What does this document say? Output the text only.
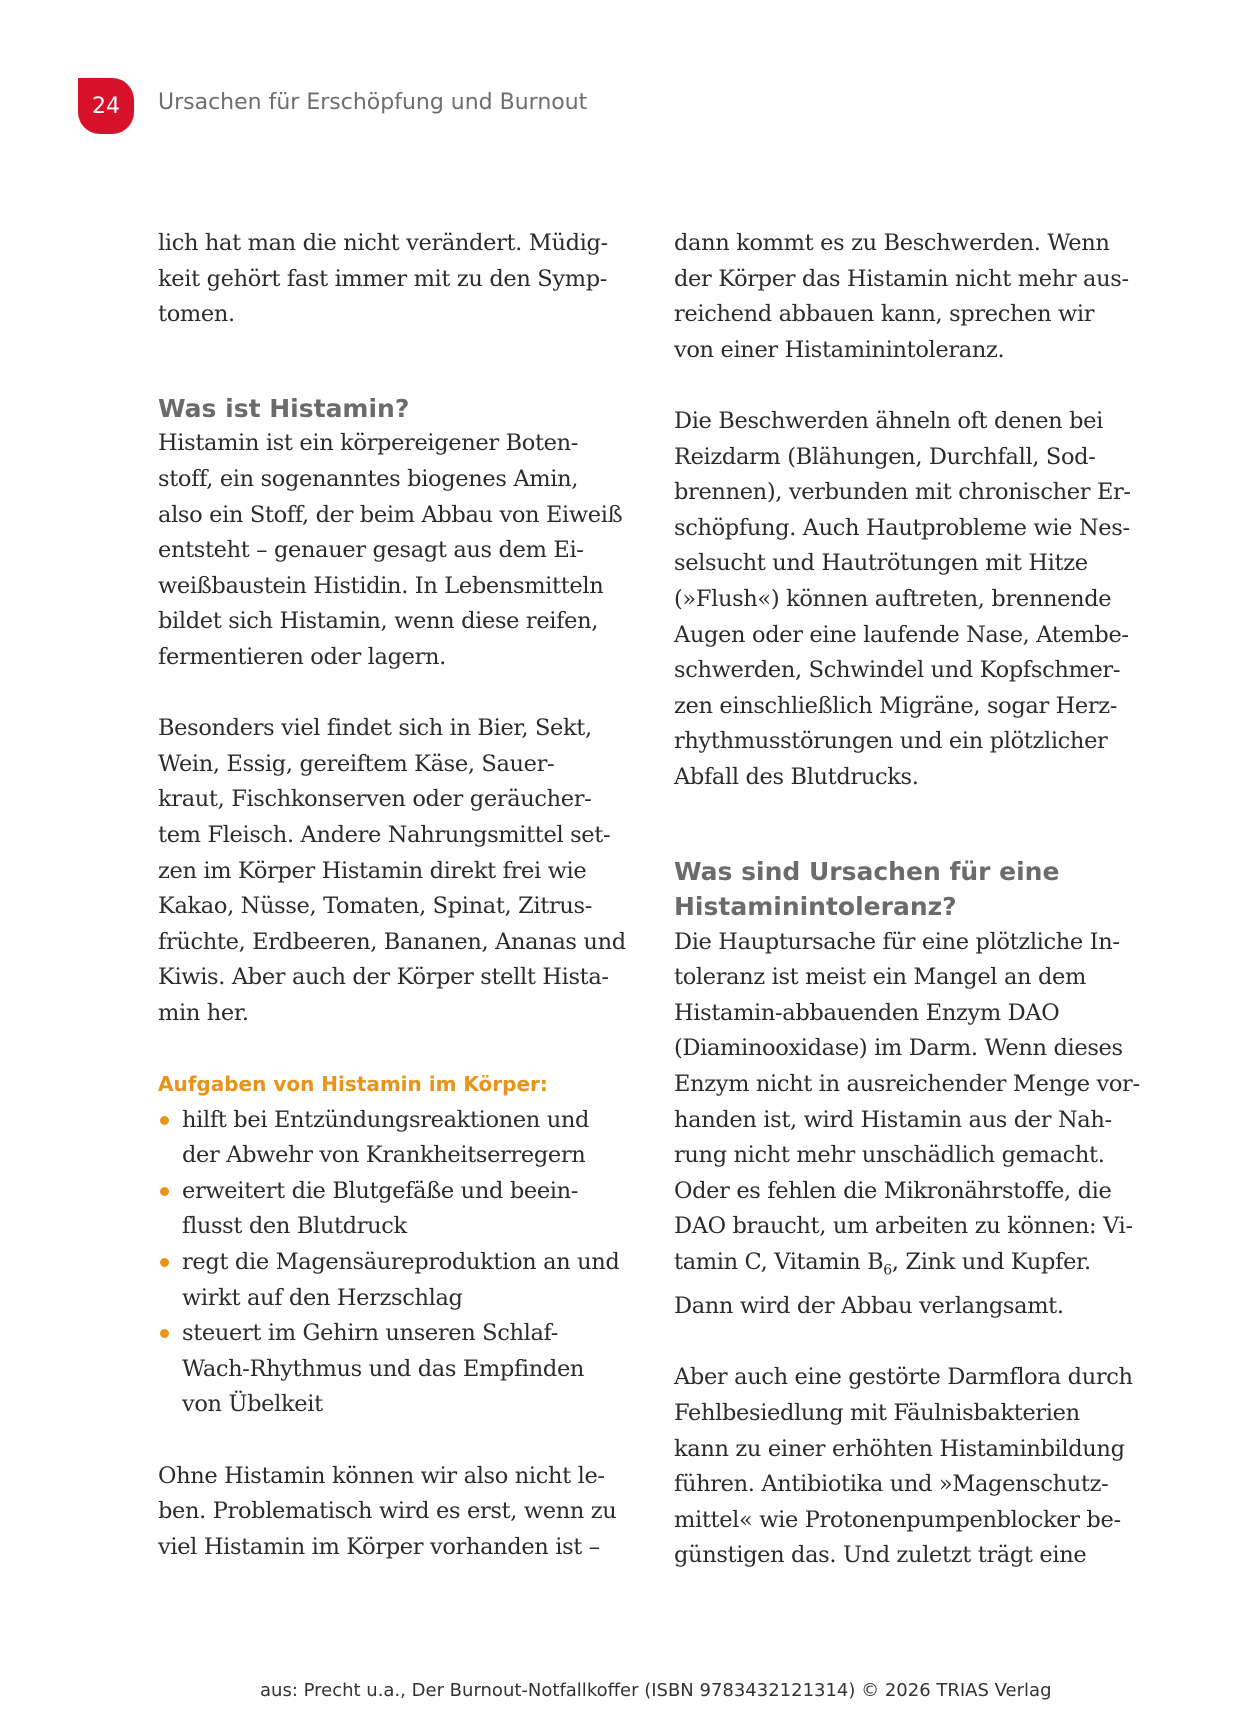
24	Ursachen für Erschöpfung und Burnout

lich hat man die nicht verändert. Müdig-
keit gehört fast immer mit zu den Symp-
tomen.

Was ist Histamin?

Histamin ist ein körpereigener Boten-
stoff, ein sogenanntes biogenes Amin,
also ein Stoff, der beim Abbau von Eiweiß
entsteht – genauer gesagt aus dem Ei-
weißbaustein Histidin. In Lebensmitteln
bildet sich Histamin, wenn diese reifen,
fermentieren oder lagern.

Besonders viel findet sich in Bier, Sekt,
Wein, Essig, gereiftem Käse, Sauer-
kraut, Fischkonserven oder geräucher-
tem Fleisch. Andere Nahrungsmittel set-
zen im Körper Histamin direkt frei wie
Kakao, Nüsse, Tomaten, Spinat, Zitrus-
früchte, Erdbeeren, Bananen, Ananas und
Kiwis. Aber auch der Körper stellt Hista-
min her.

Aufgaben von Histamin im Körper:
hilft bei Entzündungsreaktionen und
der Abwehr von Krankheitserregern
erweitert die Blutgefäße und beein-
flusst den Blutdruck
regt die Magensäureproduktion an und
wirkt auf den Herzschlag
steuert im Gehirn unseren Schlaf-
Wach-Rhythmus und das Empfinden
von Übelkeit

Ohne Histamin können wir also nicht le-
ben. Problematisch wird es erst, wenn zu
viel Histamin im Körper vorhanden ist –

dann kommt es zu Beschwerden. Wenn
der Körper das Histamin nicht mehr aus-
reichend abbauen kann, sprechen wir
von einer Histaminintoleranz.

Die Beschwerden ähneln oft denen bei
Reizdarm (Blähungen, Durchfall, Sod-
brennen), verbunden mit chronischer Er-
schöpfung. Auch Hautprobleme wie Nes-
selsucht und Hautrötungen mit Hitze
(»Flush«) können auftreten, brennende
Augen oder eine laufende Nase, Atembe-
schwerden, Schwindel und Kopfschmer-
zen einschließlich Migräne, sogar Herz-
rhythmusstörungen und ein plötzlicher
Abfall des Blutdrucks.

Was sind Ursachen für eine
Histaminintoleranz?

Die Hauptursache für eine plötzliche In-
toleranz ist meist ein Mangel an dem
Histamin-abbauenden Enzym DAO
(Diaminooxidase) im Darm. Wenn dieses
Enzym nicht in ausreichender Menge vor-
handen ist, wird Histamin aus der Nah-
rung nicht mehr unschädlich gemacht.
Oder es fehlen die Mikronährstoffe, die
DAO braucht, um arbeiten zu können: Vi-
tamin C, Vitamin $B_6$, Zink und Kupfer.
Dann wird der Abbau verlangsamt.

Aber auch eine gestörte Darmflora durch
Fehlbesiedlung mit Fäulnisbakterien
kann zu einer erhöhten Histaminbildung
führen. Antibiotika und »Magenschutz-
mittel« wie Protonenpumpenblocker be-
günstigen das. Und zuletzt trägt eine

aus: Precht u.a., Der Burnout-Notfallkoffer (ISBN 9783432121314) © 2026 TRIAS Verlag
